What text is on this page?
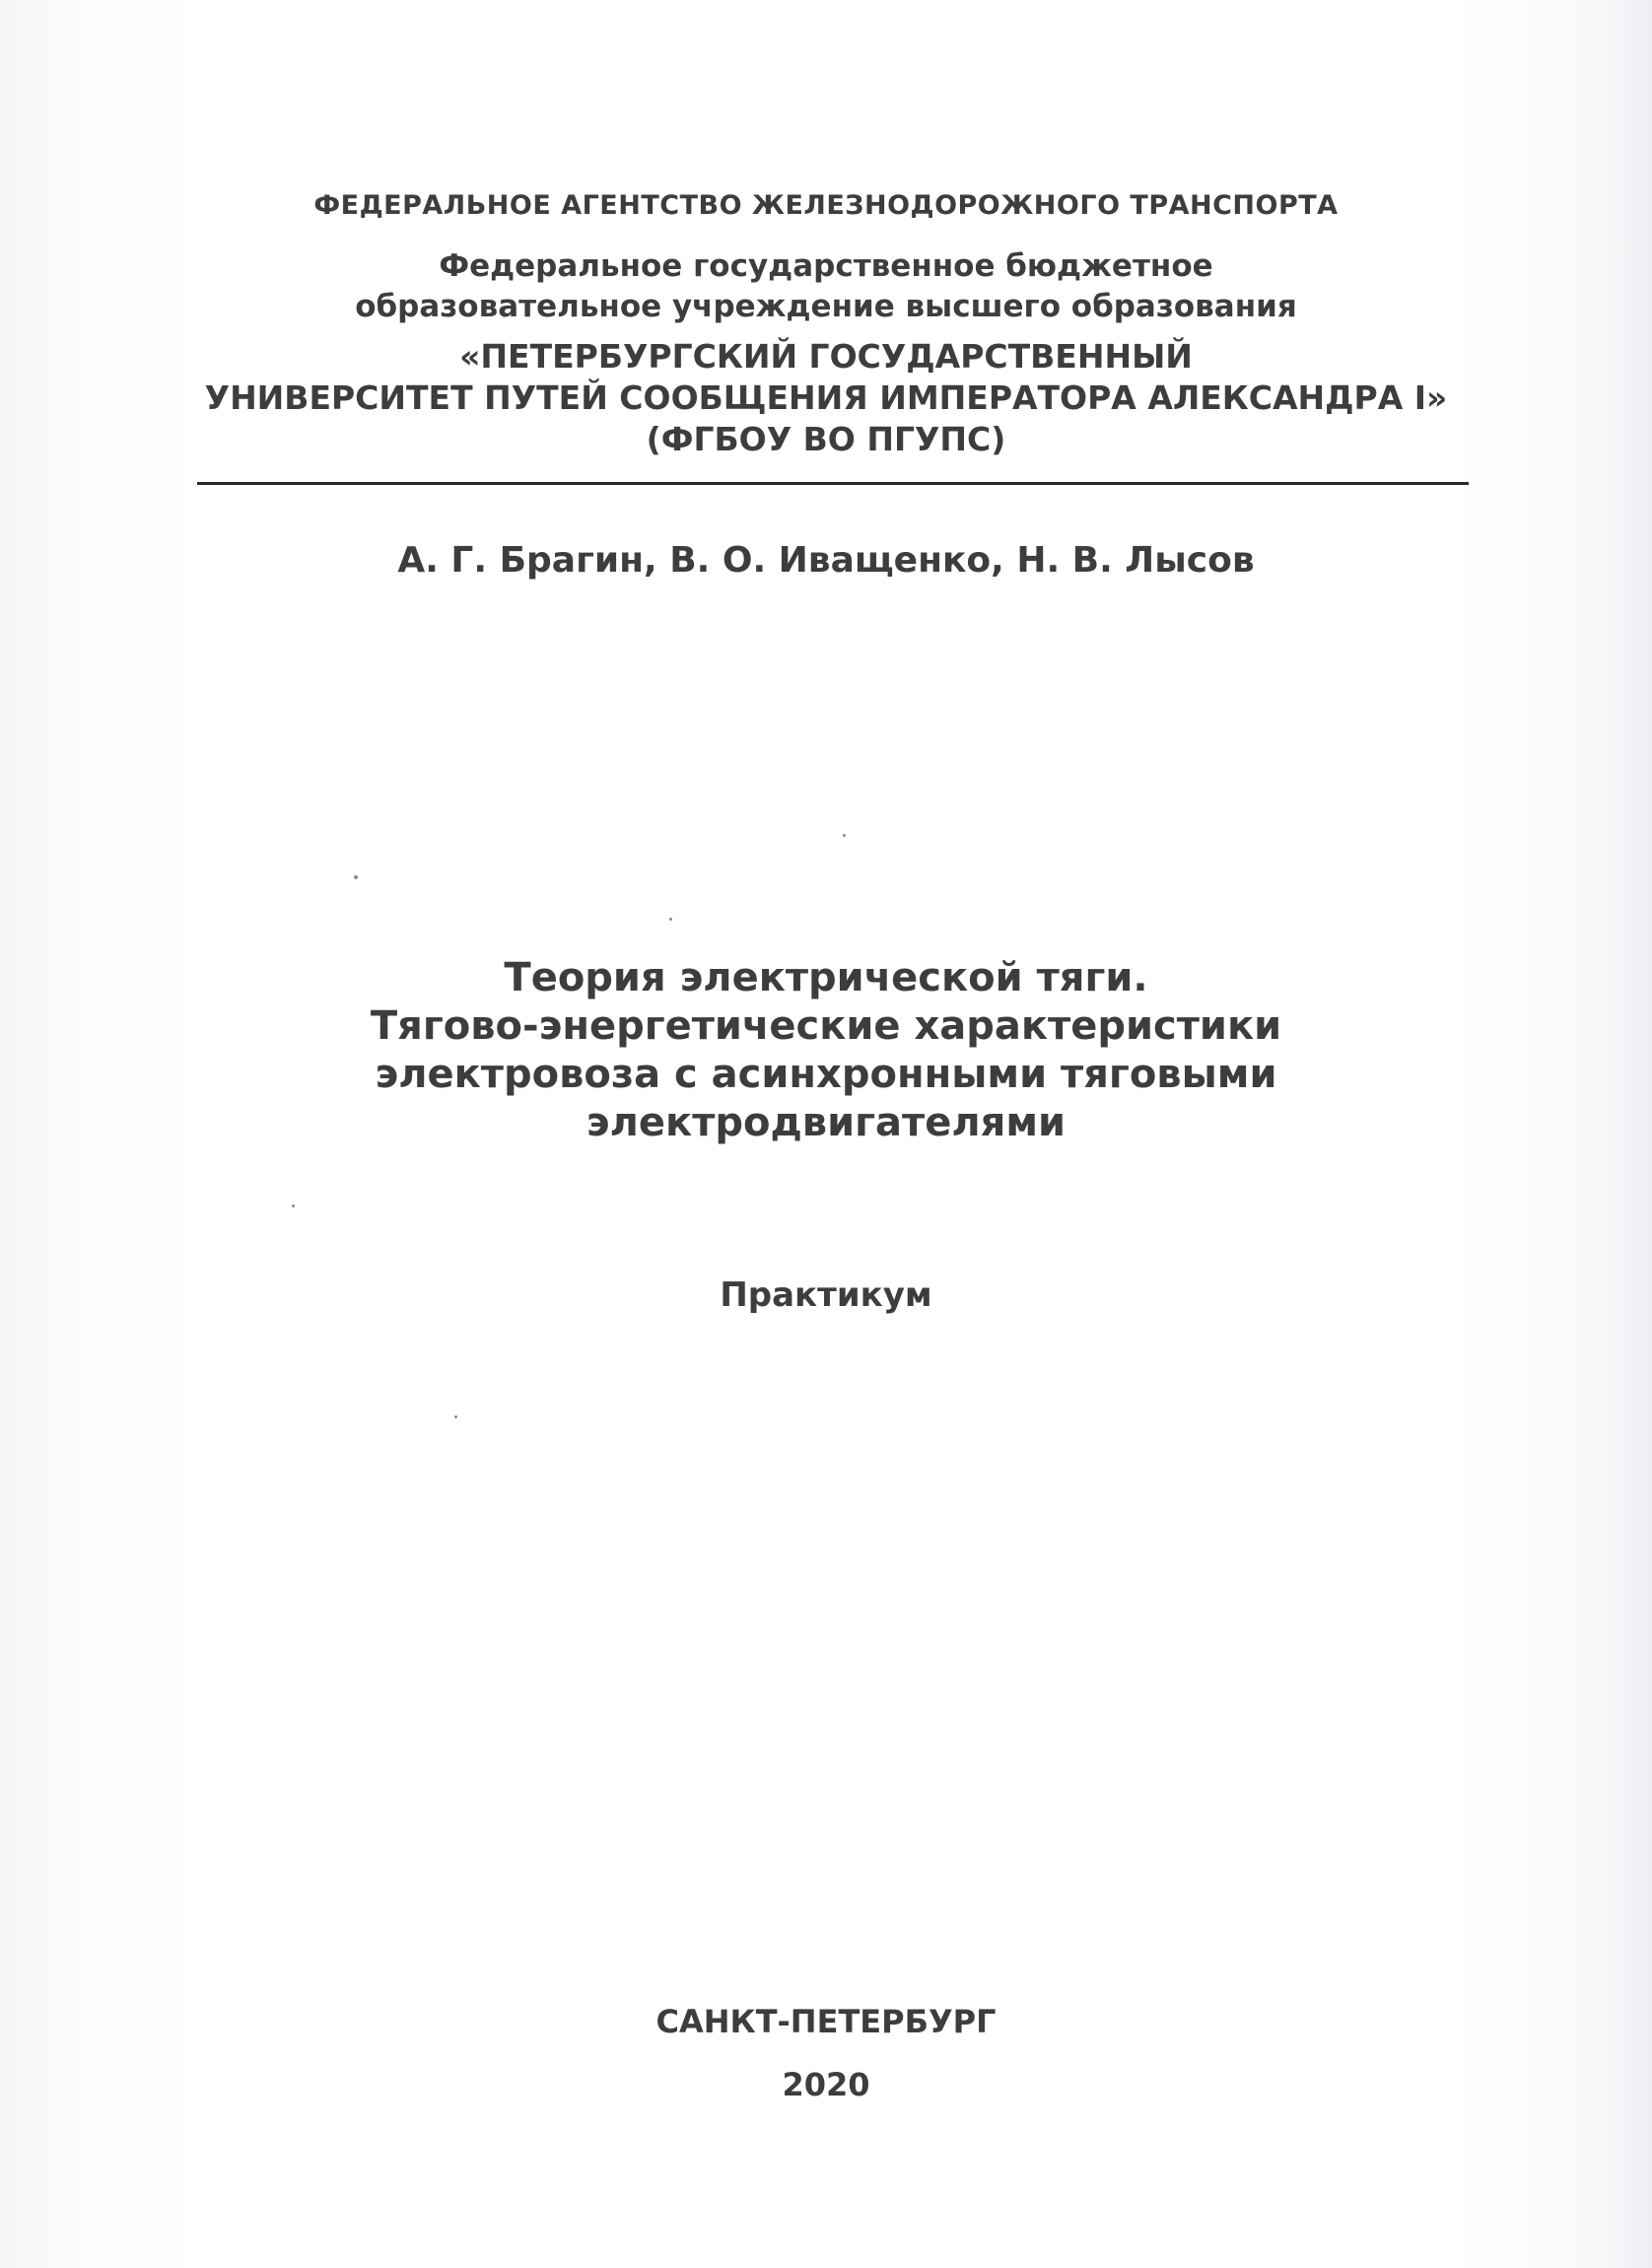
ФЕДЕРАЛЬНОЕ АГЕНТСТВО ЖЕЛЕЗНОДОРОЖНОГО ТРАНСПОРТА
Федеральное государственное бюджетное
образовательное учреждение высшего образования
«ПЕТЕРБУРГСКИЙ ГОСУДАРСТВЕННЫЙ
УНИВЕРСИТЕТ ПУТЕЙ СООБЩЕНИЯ ИМПЕРАТОРА АЛЕКСАНДРА I»
(ФГБОУ ВО ПГУПС)
А. Г. Брагин, В. О. Иващенко, Н. В. Лысов
Теория электрической тяги.
Тягово-энергетические характеристики
электровоза с асинхронными тяговыми
электродвигателями
Практикум
САНКТ-ПЕТЕРБУРГ
2020
